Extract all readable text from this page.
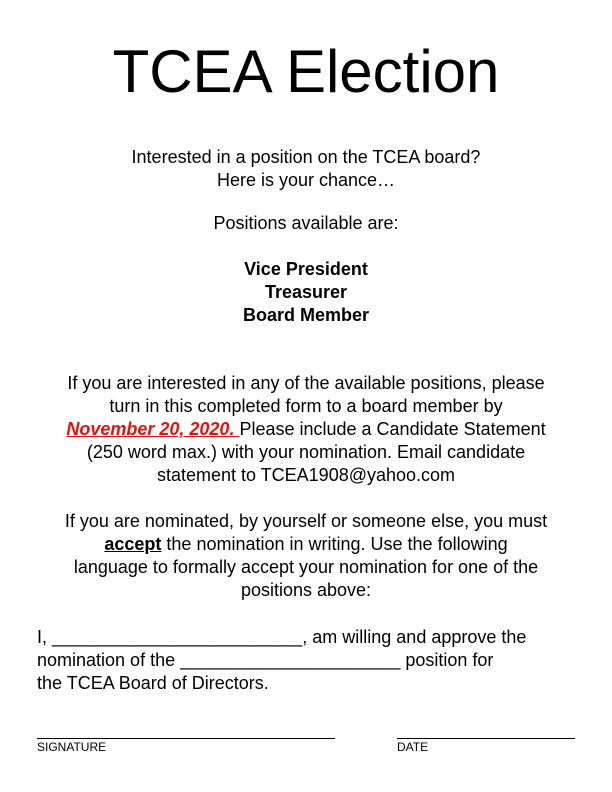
TCEA Election
Interested in a position on the TCEA board?
Here is your chance…
Positions available are:
Vice President
Treasurer
Board Member
If you are interested in any of the available positions, please
turn in this completed form to a board member by
November 20, 2020. Please include a Candidate Statement
(250 word max.) with your nomination. Email candidate
statement to TCEA1908@yahoo.com
If you are nominated, by yourself or someone else, you must
accept the nomination in writing. Use the following
language to formally accept your nomination for one of the
positions above:
I, _________________________, am willing and approve the
nomination of the ______________________ position for
the TCEA Board of Directors.
SIGNATURE	DATE
